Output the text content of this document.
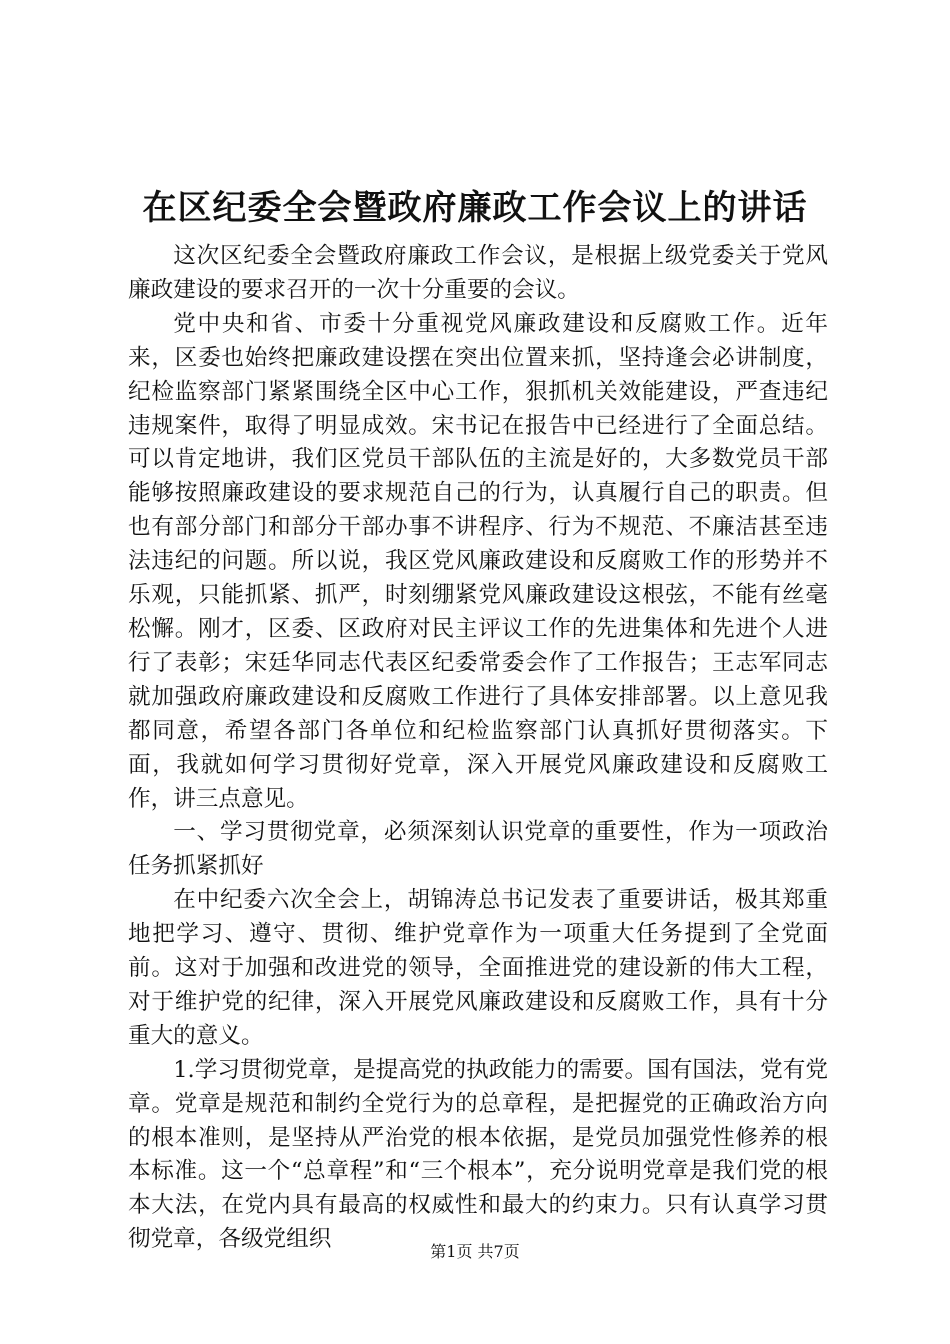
在区纪委全会暨政府廉政工作会议上的讲话

这次区纪委全会暨政府廉政工作会议，是根据上级党委关于党风廉政建设的要求召开的一次十分重要的会议。

党中央和省、市委十分重视党风廉政建设和反腐败工作。近年来，区委也始终把廉政建设摆在突出位置来抓，坚持逢会必讲制度，纪检监察部门紧紧围绕全区中心工作，狠抓机关效能建设，严查违纪违规案件，取得了明显成效。宋书记在报告中已经进行了全面总结。可以肯定地讲，我们区党员干部队伍的主流是好的，大多数党员干部能够按照廉政建设的要求规范自己的行为，认真履行自己的职责。但也有部分部门和部分干部办事不讲程序、行为不规范、不廉洁甚至违法违纪的问题。所以说，我区党风廉政建设和反腐败工作的形势并不乐观，只能抓紧、抓严，时刻绷紧党风廉政建设这根弦，不能有丝毫松懈。刚才，区委、区政府对民主评议工作的先进集体和先进个人进行了表彰；宋廷华同志代表区纪委常委会作了工作报告；王志军同志就加强政府廉政建设和反腐败工作进行了具体安排部署。以上意见我都同意，希望各部门各单位和纪检监察部门认真抓好贯彻落实。下面，我就如何学习贯彻好党章，深入开展党风廉政建设和反腐败工作，讲三点意见。

一、学习贯彻党章，必须深刻认识党章的重要性，作为一项政治任务抓紧抓好

在中纪委六次全会上，胡锦涛总书记发表了重要讲话，极其郑重地把学习、遵守、贯彻、维护党章作为一项重大任务提到了全党面前。这对于加强和改进党的领导，全面推进党的建设新的伟大工程，对于维护党的纪律，深入开展党风廉政建设和反腐败工作，具有十分重大的意义。

1.学习贯彻党章，是提高党的执政能力的需要。国有国法，党有党章。党章是规范和制约全党行为的总章程，是把握党的正确政治方向的根本准则，是坚持从严治党的根本依据，是党员加强党性修养的根本标准。这一个“总章程”和“三个根本”，充分说明党章是我们党的根本大法，在党内具有最高的权威性和最大的约束力。只有认真学习贯彻党章，各级党组织	第1页 共7页
